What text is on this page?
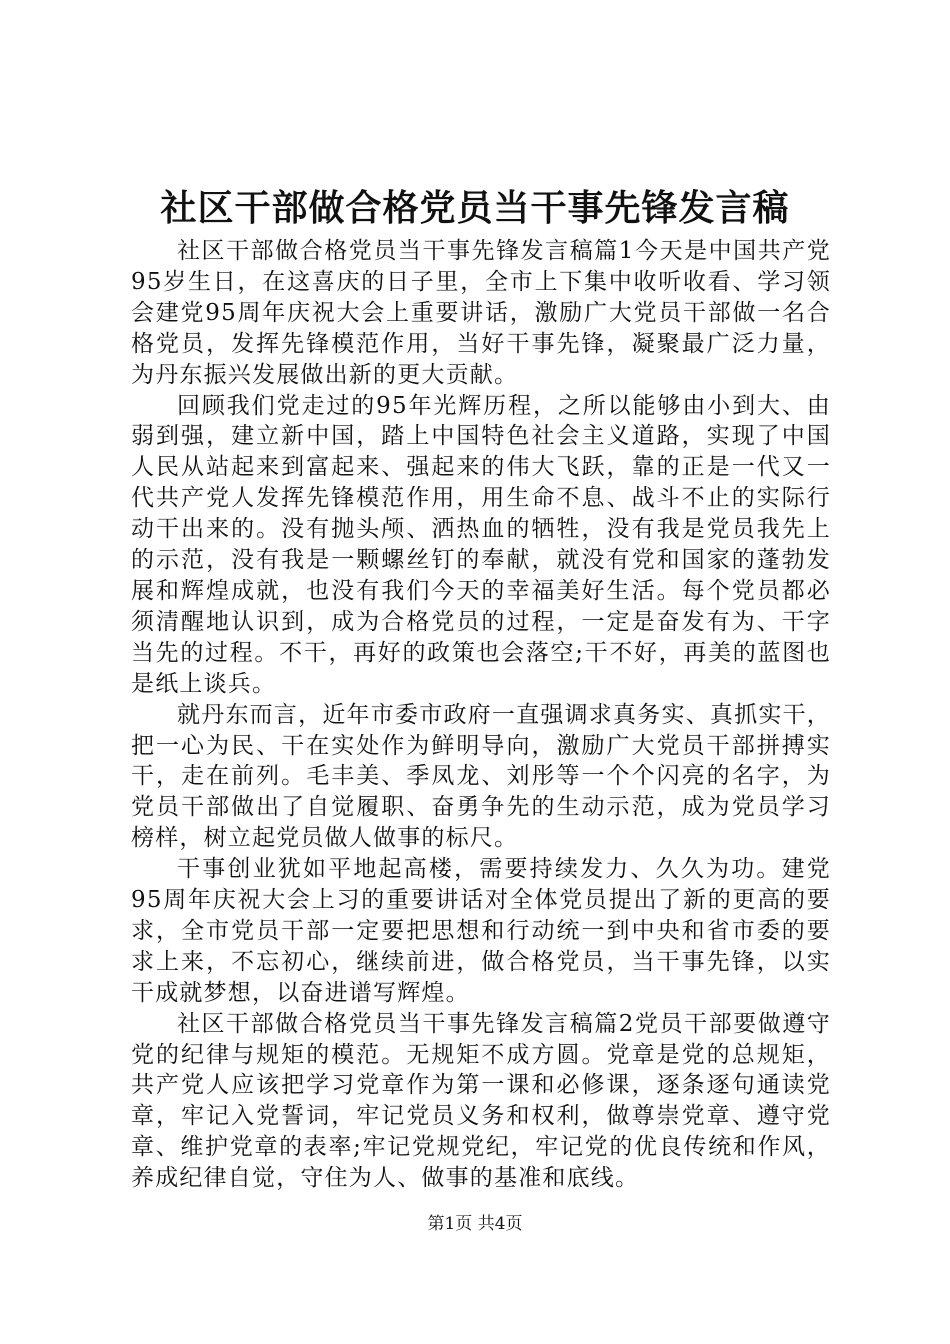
社区干部做合格党员当干事先锋发言稿

社区干部做合格党员当干事先锋发言稿篇1今天是中国共产党95岁生日，在这喜庆的日子里，全市上下集中收听收看、学习领会建党95周年庆祝大会上重要讲话，激励广大党员干部做一名合格党员，发挥先锋模范作用，当好干事先锋，凝聚最广泛力量，为丹东振兴发展做出新的更大贡献。

回顾我们党走过的95年光辉历程，之所以能够由小到大、由弱到强，建立新中国，踏上中国特色社会主义道路，实现了中国人民从站起来到富起来、强起来的伟大飞跃，靠的正是一代又一代共产党人发挥先锋模范作用，用生命不息、战斗不止的实际行动干出来的。没有抛头颅、洒热血的牺牲，没有我是党员我先上的示范，没有我是一颗螺丝钉的奉献，就没有党和国家的蓬勃发展和辉煌成就，也没有我们今天的幸福美好生活。每个党员都必须清醒地认识到，成为合格党员的过程，一定是奋发有为、干字当先的过程。不干，再好的政策也会落空;干不好，再美的蓝图也是纸上谈兵。

就丹东而言，近年市委市政府一直强调求真务实、真抓实干，把一心为民、干在实处作为鲜明导向，激励广大党员干部拼搏实干，走在前列。毛丰美、季凤龙、刘彤等一个个闪亮的名字，为党员干部做出了自觉履职、奋勇争先的生动示范，成为党员学习榜样，树立起党员做人做事的标尺。

干事创业犹如平地起高楼，需要持续发力、久久为功。建党95周年庆祝大会上习的重要讲话对全体党员提出了新的更高的要求，全市党员干部一定要把思想和行动统一到中央和省市委的要求上来，不忘初心，继续前进，做合格党员，当干事先锋，以实干成就梦想，以奋进谱写辉煌。

社区干部做合格党员当干事先锋发言稿篇2党员干部要做遵守党的纪律与规矩的模范。无规矩不成方圆。党章是党的总规矩，共产党人应该把学习党章作为第一课和必修课，逐条逐句通读党章，牢记入党誓词，牢记党员义务和权利，做尊崇党章、遵守党章、维护党章的表率;牢记党规党纪，牢记党的优良传统和作风，养成纪律自觉，守住为人、做事的基准和底线。

第1页 共4页
